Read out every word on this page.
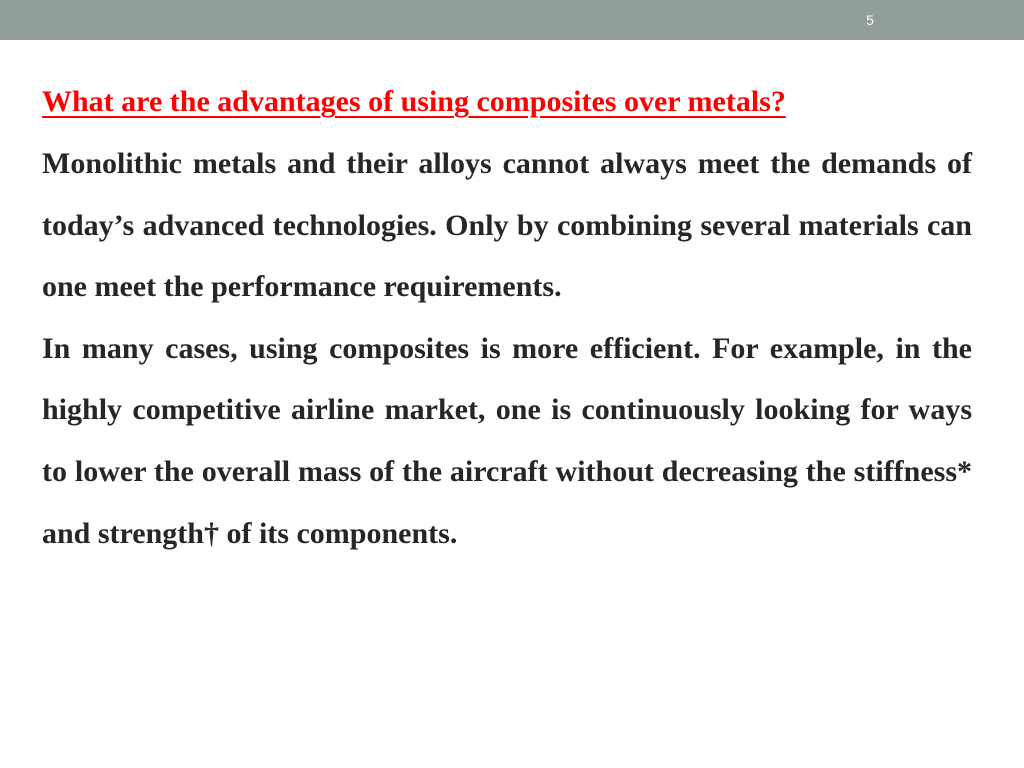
5
What are the advantages of using composites over metals?

Monolithic metals and their alloys cannot always meet the demands of today’s advanced technologies. Only by combining several materials can one meet the performance requirements.

In many cases, using composites is more efficient. For example, in the highly competitive airline market, one is continuously looking for ways to lower the overall mass of the aircraft without decreasing the stiffness* and strength† of its components.
